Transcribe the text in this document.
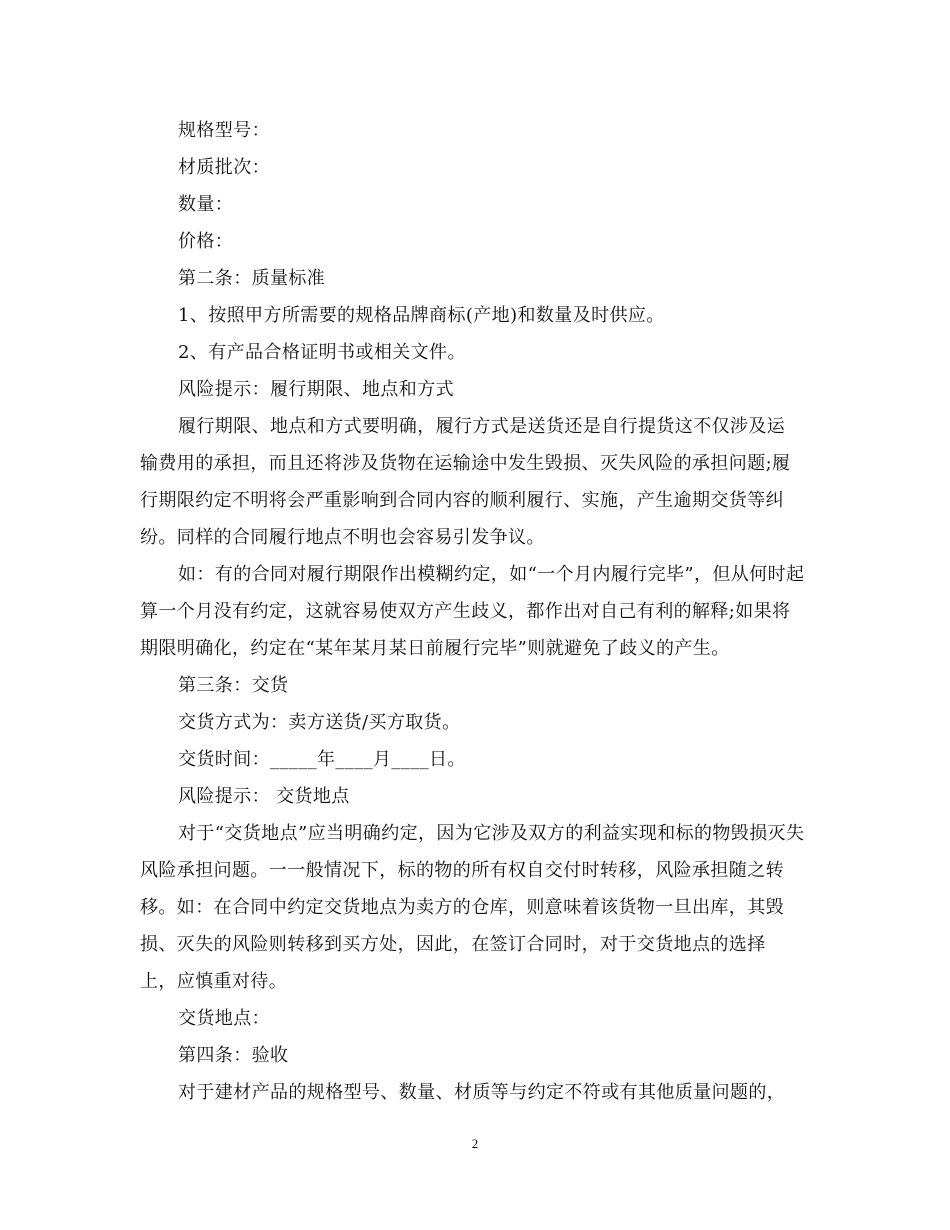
规格型号：
材质批次：
数量：
价格：
第二条：质量标准
1、按照甲方所需要的规格品牌商标(产地)和数量及时供应。
2、有产品合格证明书或相关文件。
风险提示：履行期限、地点和方式
履行期限、地点和方式要明确，履行方式是送货还是自行提货这不仅涉及运
输费用的承担，而且还将涉及货物在运输途中发生毁损、灭失风险的承担问题;履
行期限约定不明将会严重影响到合同内容的顺利履行、实施，产生逾期交货等纠
纷。同样的合同履行地点不明也会容易引发争议。
如：有的合同对履行期限作出模糊约定，如“一个月内履行完毕”，但从何时起
算一个月没有约定，这就容易使双方产生歧义，都作出对自己有利的解释;如果将
期限明确化，约定在“某年某月某日前履行完毕”则就避免了歧义的产生。
第三条：交货
交货方式为：卖方送货/买方取货。
交货时间：_____年____月____日。
风险提示： 交货地点
对于“交货地点”应当明确约定，因为它涉及双方的利益实现和标的物毁损灭失
风险承担问题。一一般情况下，标的物的所有权自交付时转移，风险承担随之转
移。如：在合同中约定交货地点为卖方的仓库，则意味着该货物一旦出库，其毁
损、灭失的风险则转移到买方处，因此，在签订合同时，对于交货地点的选择
上，应慎重对待。
交货地点：
第四条：验收
对于建材产品的规格型号、数量、材质等与约定不符或有其他质量问题的，
2
